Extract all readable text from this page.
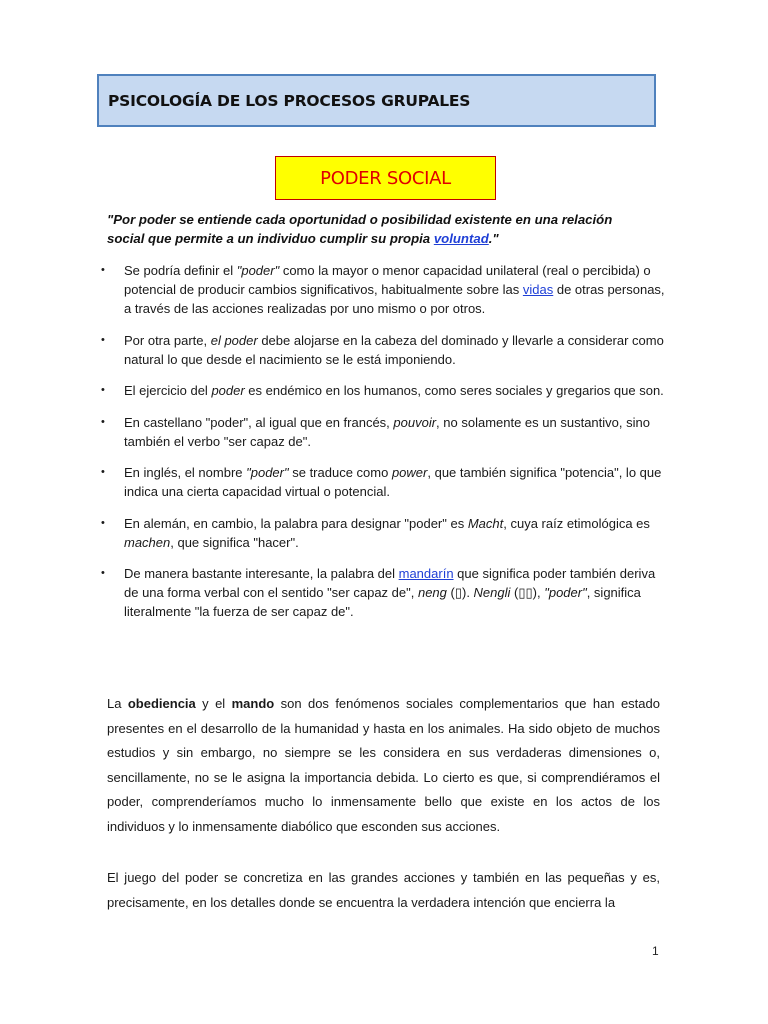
PSICOLOGÍA DE LOS PROCESOS GRUPALES
PODER SOCIAL
"Por poder se entiende cada oportunidad o posibilidad existente en una relación social que permite a un individuo cumplir su propia voluntad."
• Se podría definir el "poder" como la mayor o menor capacidad unilateral (real o percibida) o potencial de producir cambios significativos, habitualmente sobre las vidas de otras personas, a través de las acciones realizadas por uno mismo o por otros.
• Por otra parte, el poder debe alojarse en la cabeza del dominado y llevarle a considerar como natural lo que desde el nacimiento se le está imponiendo.
• El ejercicio del poder es endémico en los humanos, como seres sociales y gregarios que son.
• En castellano "poder", al igual que en francés, pouvoir, no solamente es un sustantivo, sino también el verbo "ser capaz de".
• En inglés, el nombre "poder" se traduce como power, que también significa "potencia", lo que indica una cierta capacidad virtual o potencial.
• En alemán, en cambio, la palabra para designar "poder" es Macht, cuya raíz etimológica es machen, que significa "hacer".
• De manera bastante interesante, la palabra del mandarín que significa poder también deriva de una forma verbal con el sentido "ser capaz de", neng (▯). Nengli (▯▯), "poder", significa literalmente "la fuerza de ser capaz de".

La obediencia y el mando son dos fenómenos sociales complementarios que han estado presentes en el desarrollo de la humanidad y hasta en los animales. Ha sido objeto de muchos estudios y sin embargo, no siempre se les considera en sus verdaderas dimensiones o, sencillamente, no se le asigna la importancia debida. Lo cierto es que, si comprendiéramos el poder, comprenderíamos mucho lo inmensamente bello que existe en los actos de los individuos y lo inmensamente diabólico que esconden sus acciones.

El juego del poder se concretiza en las grandes acciones y también en las pequeñas y es, precisamente, en los detalles donde se encuentra la verdadera intención que encierra la

1
